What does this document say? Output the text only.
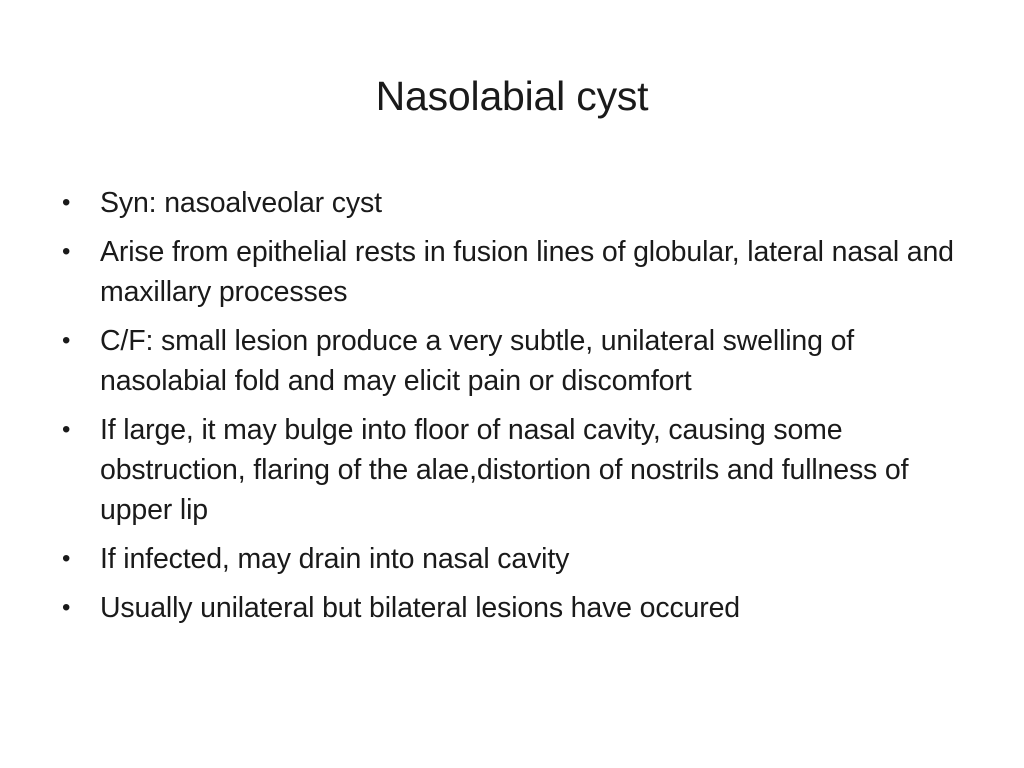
Nasolabial cyst
•	Syn: nasoalveolar cyst
•	Arise from epithelial rests in fusion lines of globular, lateral nasal and maxillary processes
•	C/F: small lesion produce a very subtle, unilateral swelling of nasolabial fold and may elicit pain or discomfort
•	If large, it may bulge into floor of nasal cavity, causing some obstruction, flaring of the alae,distortion of nostrils and fullness of upper lip
•	If infected, may drain into nasal cavity
•	Usually unilateral but bilateral lesions have occured
